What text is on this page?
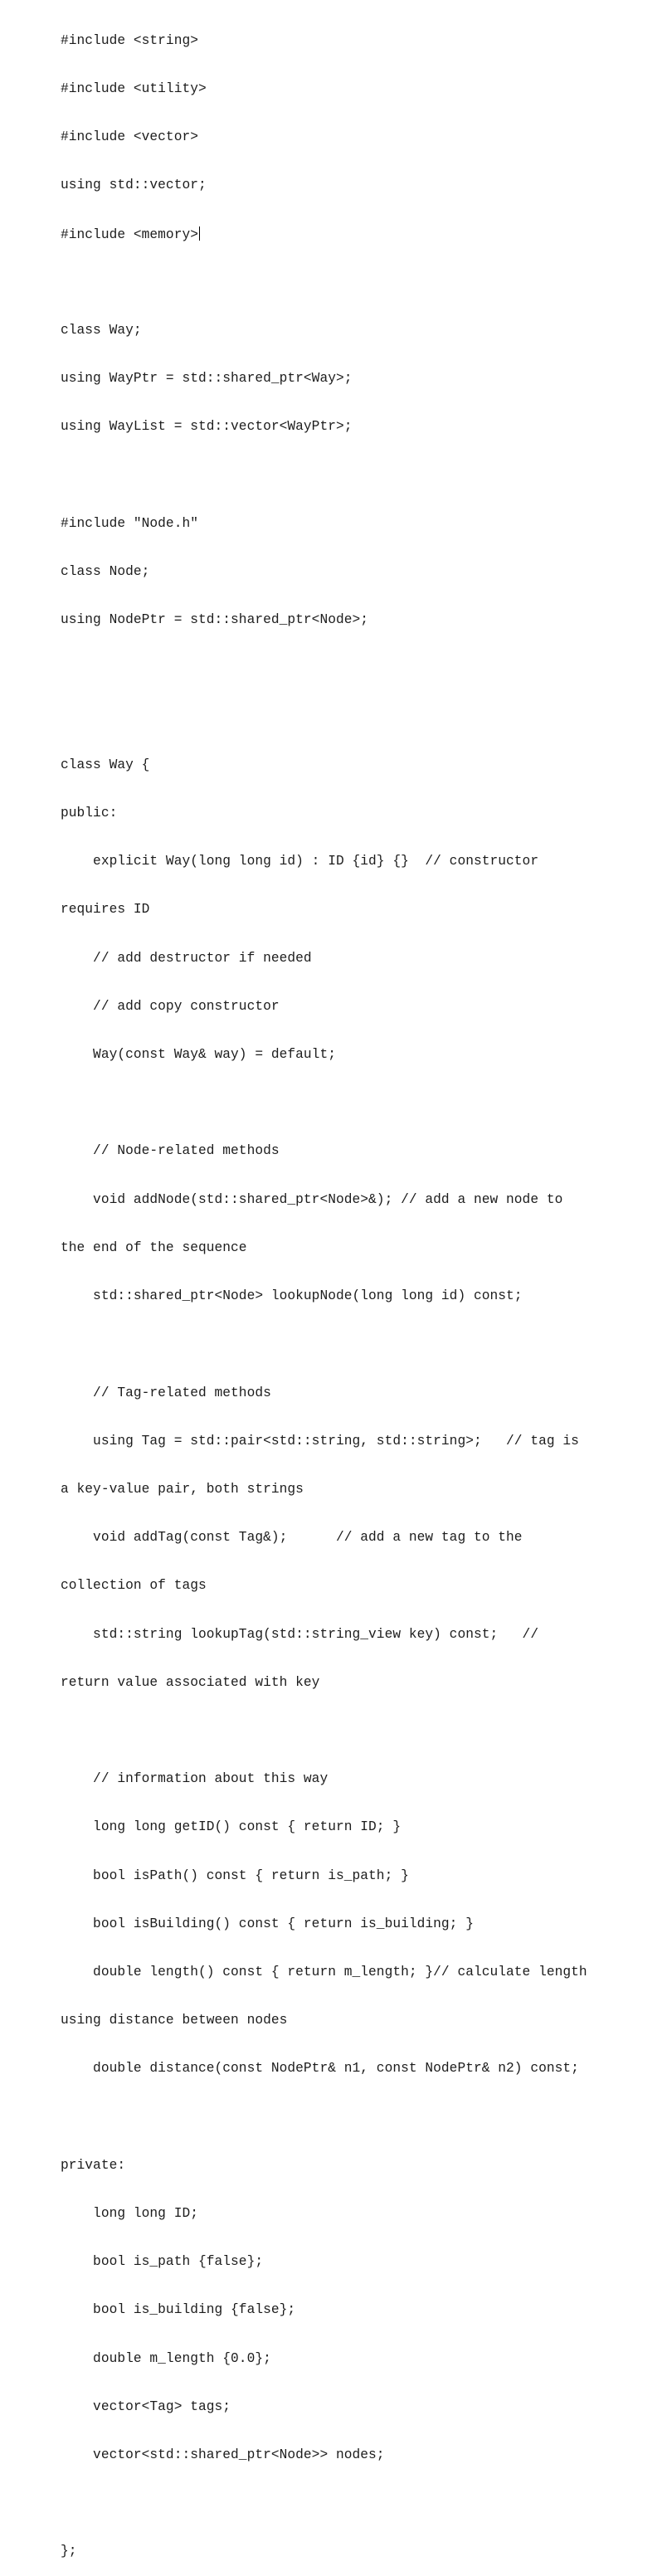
#include <string>

#include <utility>

#include <vector>

using std::vector;

#include <memory>

class Way;

using WayPtr = std::shared_ptr<Way>;

using WayList = std::vector<WayPtr>;

#include "Node.h"

class Node;

using NodePtr = std::shared_ptr<Node>;

class Way {

public:

explicit Way(long long id) : ID {id} {}  // constructor

requires ID

// add destructor if needed

// add copy constructor

Way(const Way& way) = default;

// Node-related methods

void addNode(std::shared_ptr<Node>&); // add a new node to

the end of the sequence

std::shared_ptr<Node> lookupNode(long long id) const;

// Tag-related methods

using Tag = std::pair<std::string, std::string>;   // tag is

a key-value pair, both strings

void addTag(const Tag&);      // add a new tag to the

collection of tags

std::string lookupTag(std::string_view key) const;   //

return value associated with key

// information about this way

long long getID() const { return ID; }

bool isPath() const { return is_path; }

bool isBuilding() const { return is_building; }

double length() const { return m_length; }// calculate length

using distance between nodes

double distance(const NodePtr& n1, const NodePtr& n2) const;

private:

long long ID;

bool is_path {false};

bool is_building {false};

double m_length {0.0};

vector<Tag> tags;

vector<std::shared_ptr<Node>> nodes;

};
